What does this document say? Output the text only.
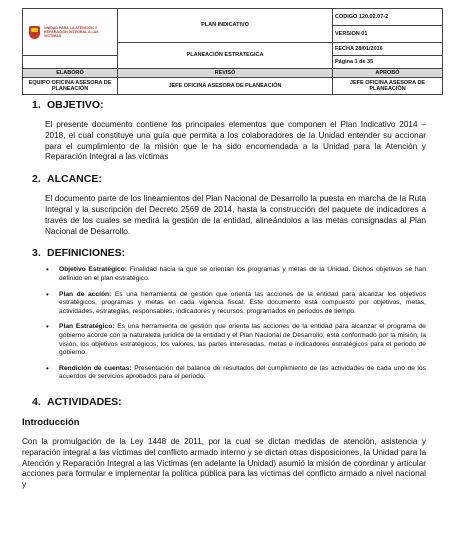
UNIDAD PARA LA ATENCIÓN Y REPARACIÓN INTEGRAL A LAS VÍCTIMAS	PLAN INDICATIVO	CODIGO 120.02.07-2
		VERSION 01
	PLANEACIÓN ESTRATEGICA	FECHA 28/01/2016
		Página 1 de 35
ELABORÓ	REVISÓ	APROBÓ
EQUIPO OFICINA ASESORA DE PLANEACIÓN	JEFE OFICINA ASESORA DE PLANEACIÓN	JEFE OFICINA ASESORA DE PLANEACIÓN
1. OBJETIVO:

El presente documento contiene los principales elementos que componen el Plan Indicativo 2014 – 2018, el cual constituye una guía que permita a los colaboradores de la Unidad entender su accionar para el cumplimiento de la misión que le ha sido encomendada a la Unidad para la Atención y Reparación Integral a las víctimas

2. ALCANCE:

El documento parte de los lineamientos del Plan Nacional de Desarrollo la puesta en marcha de la Ruta Integral y la suscripción del Decreto 2569 de 2014, hasta la construcción del paquete de indicadores a través de los cuales se medirá la gestión de la entidad, alineándolos a las metas consignadas al Plan Nacional de Desarrollo.

3. DEFINICIONES:
• Objetivo Estratégico: Finalidad hacia la que se orientan los programas y metas de la Unidad. Dichos objetivos se han definido en el plan estratégico.
• Plan de acción: Es una herramienta de gestión que orienta las acciones de la entidad para alcanzar los objetivos estratégicos, programas y metas en cada vigencia fiscal. Este documento está compuesto por objetivos, metas, actividades, estrategias, responsables, indicadores y recursos, programados en periodos de tiempo.
• Plan Estratégico: Es una herramienta de gestión que orienta las acciones de la entidad para alcanzar el programa de gobierno acorde con la naturaleza jurídica de la entidad y el Plan Nacional de Desarrollo; está conformado por la misión, la visión, los objetivos estratégicos, los valores, las partes interesadas, metas e indicadores estratégicos para el periodo de gobierno.
• Rendición de cuentas: Presentación del balance de resultados del cumplimiento de las actividades de cada uno de los acuerdos de servicios aprobados para el periodo.
4. ACTIVIDADES:
Introducción

Con la promulgación de la Ley 1448 de 2011, por la cual se dictan medidas de atención, asistencia y reparación integral a las víctimas del conflicto armado interno y se dictan otras disposiciones, la Unidad para la Atención y Reparación Integral a las Víctimas (en adelante la Unidad) asumió la misión de coordinar y articular acciones para formular e implementar la política pública para las víctimas del conflicto armado a nivel nacional y
